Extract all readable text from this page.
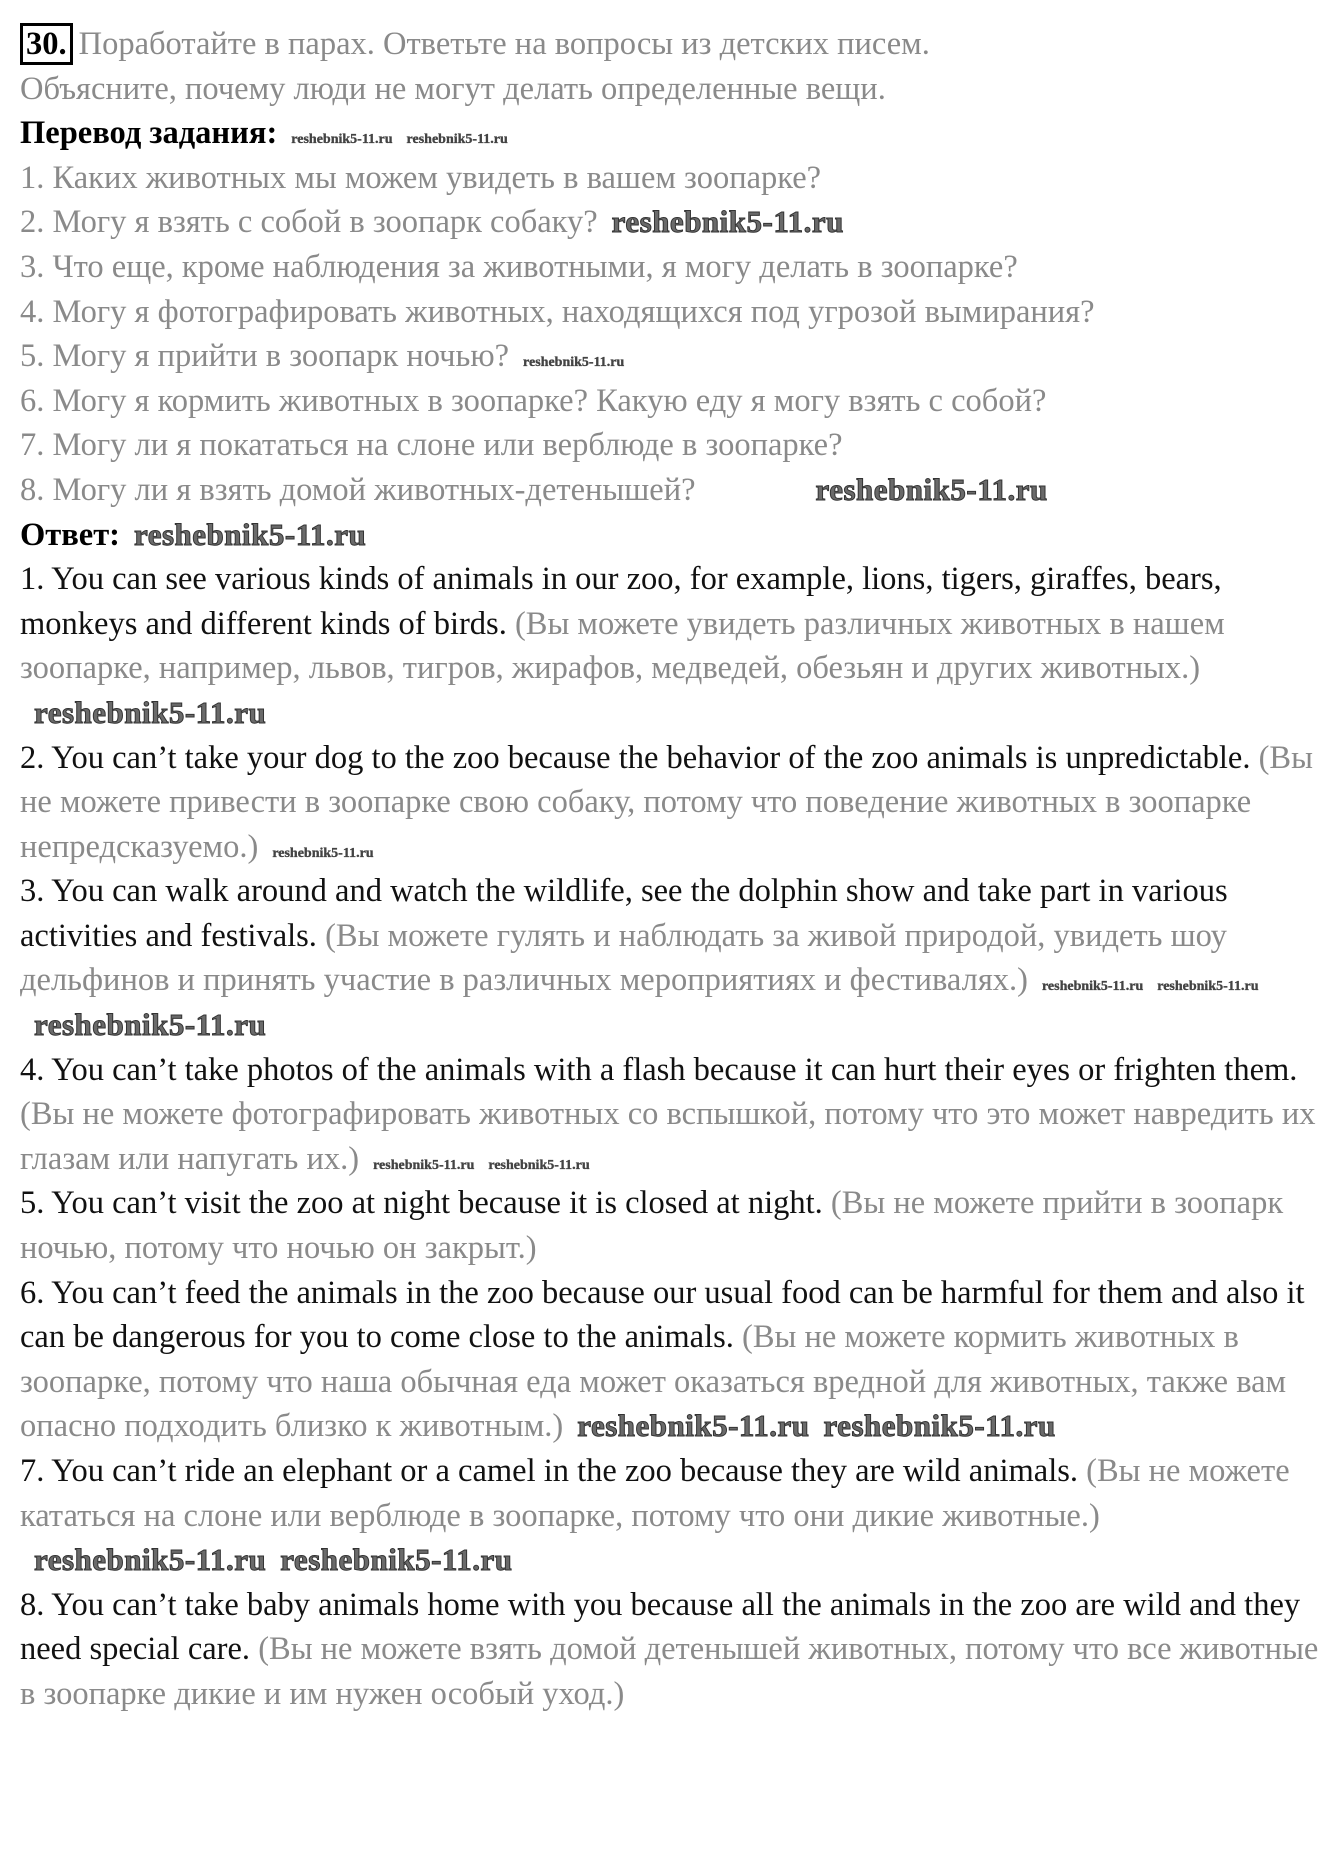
30. Поработайте в парах. Ответьте на вопросы из детских писем.
Объясните, почему люди не могут делать определенные вещи.

Перевод задания: reshebnik5-11.ru reshebnik5-11.ru

1. Каких животных мы можем увидеть в вашем зоопарке?

2. Могу я взять с собой в зоопарк собаку? reshebnik5-11.ru

3. Что еще, кроме наблюдения за животными, я могу делать в зоопарке?

4. Могу я фотографировать животных, находящихся под угрозой вымирания?

5. Могу я прийти в зоопарк ночью? reshebnik5-11.ru

6. Могу я кормить животных в зоопарке? Какую еду я могу взять с собой?

7. Могу ли я покататься на слоне или верблюде в зоопарке?

8. Могу ли я взять домой животных-детенышей?	reshebnik5-11.ru

Ответ: reshebnik5-11.ru

1. You can see various kinds of animals in our zoo, for example, lions, tigers, giraffes, bears, monkeys and different kinds of birds. (Вы можете увидеть различных животных в нашем зоопарке, например, львов, тигров, жирафов, медведей, обезьян и других животных.)reshebnik5-11.ru

2. You can’t take your dog to the zoo because the behavior of the zoo animals is unpredictable. (Вы не можете привести в зоопарке свою собаку, потому что поведение животных в зоопарке непредсказуемо.) reshebnik5-11.ru

3. You can walk around and watch the wildlife, see the dolphin show and take part in various activities and festivals. (Вы можете гулять и наблюдать за живой природой, увидеть шоу дельфинов и принять участие в различных мероприятиях и фестивалях.) reshebnik5-11.ru reshebnik5-11.rureshebnik5-11.ru

4. You can’t take photos of the animals with a flash because it can hurt their eyes or frighten them. (Вы не можете фотографировать животных со вспышкой, потому что это может навредить их глазам или напугать их.) reshebnik5-11.ru reshebnik5-11.ru

5. You can’t visit the zoo at night because it is closed at night. (Вы не можете прийти в зоопарк ночью, потому что ночью он закрыт.)

6. You can’t feed the animals in the zoo because our usual food can be harmful for them and also it can be dangerous for you to come close to the animals. (Вы не можете кормить животных в зоопарке, потому что наша обычная еда может оказаться вредной для животных, также вам опасно подходить близко к животным.) reshebnik5-11.ru reshebnik5-11.ru

7. You can’t ride an elephant or a camel in the zoo because they are wild animals. (Вы не можете кататься на слоне или верблюде в зоопарке, потому что они дикие животные.)reshebnik5-11.ru reshebnik5-11.ru

8. You can’t take baby animals home with you because all the animals in the zoo are wild and they need special care. (Вы не можете взять домой детенышей животных, потому что все животные в зоопарке дикие и им нужен особый уход.)
